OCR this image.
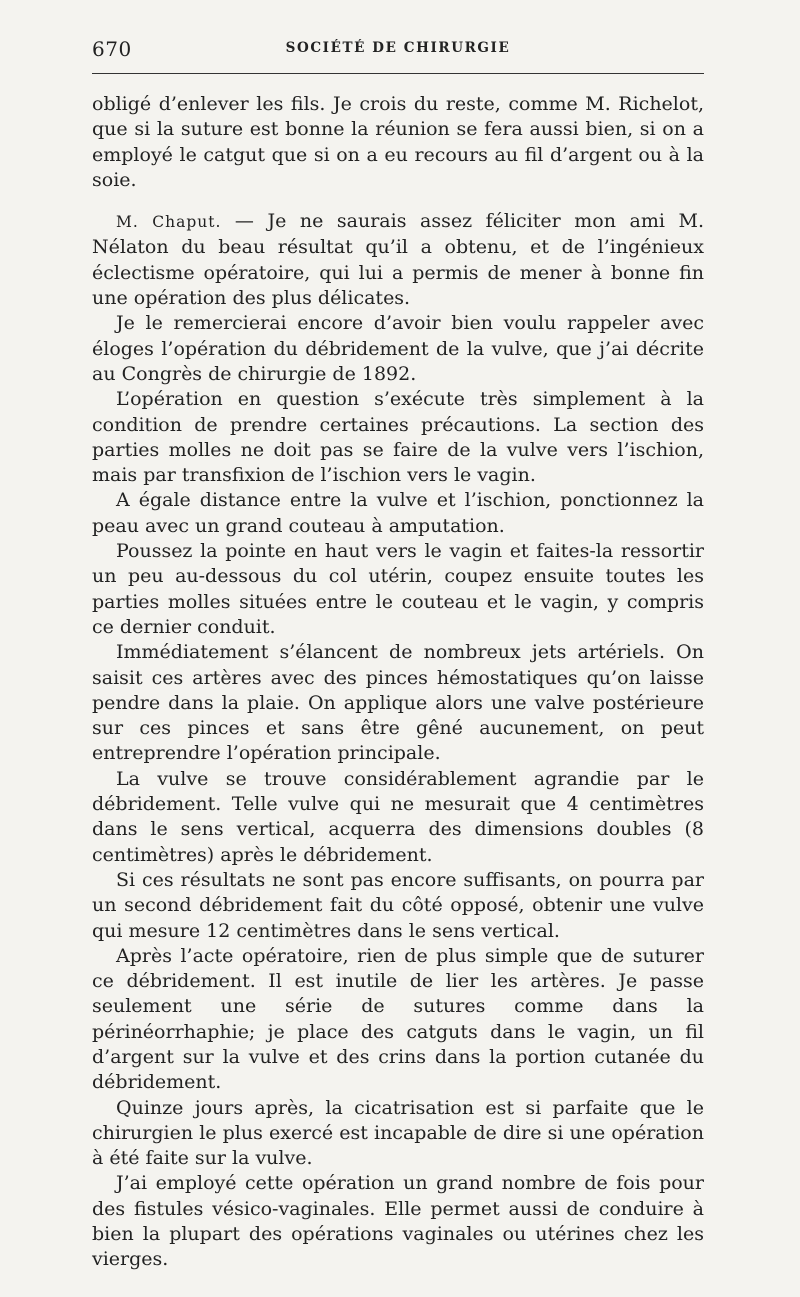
670	SOCIÉTÉ DE CHIRURGIE

obligé d’enlever les fils. Je crois du reste, comme M. Richelot, que si la suture est bonne la réunion se fera aussi bien, si on a employé le catgut que si on a eu recours au fil d’argent ou à la soie.

M. Chaput. — Je ne saurais assez féliciter mon ami M. Nélaton du beau résultat qu’il a obtenu, et de l’ingénieux éclectisme opératoire, qui lui a permis de mener à bonne fin une opération des plus délicates.

Je le remercierai encore d’avoir bien voulu rappeler avec éloges l’opération du débridement de la vulve, que j’ai décrite au Congrès de chirurgie de 1892.

L’opération en question s’exécute très simplement à la condition de prendre certaines précautions. La section des parties molles ne doit pas se faire de la vulve vers l’ischion, mais par transfixion de l’ischion vers le vagin.

A égale distance entre la vulve et l’ischion, ponctionnez la peau avec un grand couteau à amputation.

Poussez la pointe en haut vers le vagin et faites-la ressortir un peu au-dessous du col utérin, coupez ensuite toutes les parties molles situées entre le couteau et le vagin, y compris ce dernier conduit.

Immédiatement s’élancent de nombreux jets artériels. On saisit ces artères avec des pinces hémostatiques qu’on laisse pendre dans la plaie. On applique alors une valve postérieure sur ces pinces et sans être gêné aucunement, on peut entreprendre l’opération principale.

La vulve se trouve considérablement agrandie par le débridement. Telle vulve qui ne mesurait que 4 centimètres dans le sens vertical, acquerra des dimensions doubles (8 centimètres) après le débridement.

Si ces résultats ne sont pas encore suffisants, on pourra par un second débridement fait du côté opposé, obtenir une vulve qui mesure 12 centimètres dans le sens vertical.

Après l’acte opératoire, rien de plus simple que de suturer ce débridement. Il est inutile de lier les artères. Je passe seulement une série de sutures comme dans la périnéorrhaphie; je place des catguts dans le vagin, un fil d’argent sur la vulve et des crins dans la portion cutanée du débridement.

Quinze jours après, la cicatrisation est si parfaite que le chirurgien le plus exercé est incapable de dire si une opération à été faite sur la vulve.

J’ai employé cette opération un grand nombre de fois pour des fistules vésico-vaginales. Elle permet aussi de conduire à bien la plupart des opérations vaginales ou utérines chez les vierges.
